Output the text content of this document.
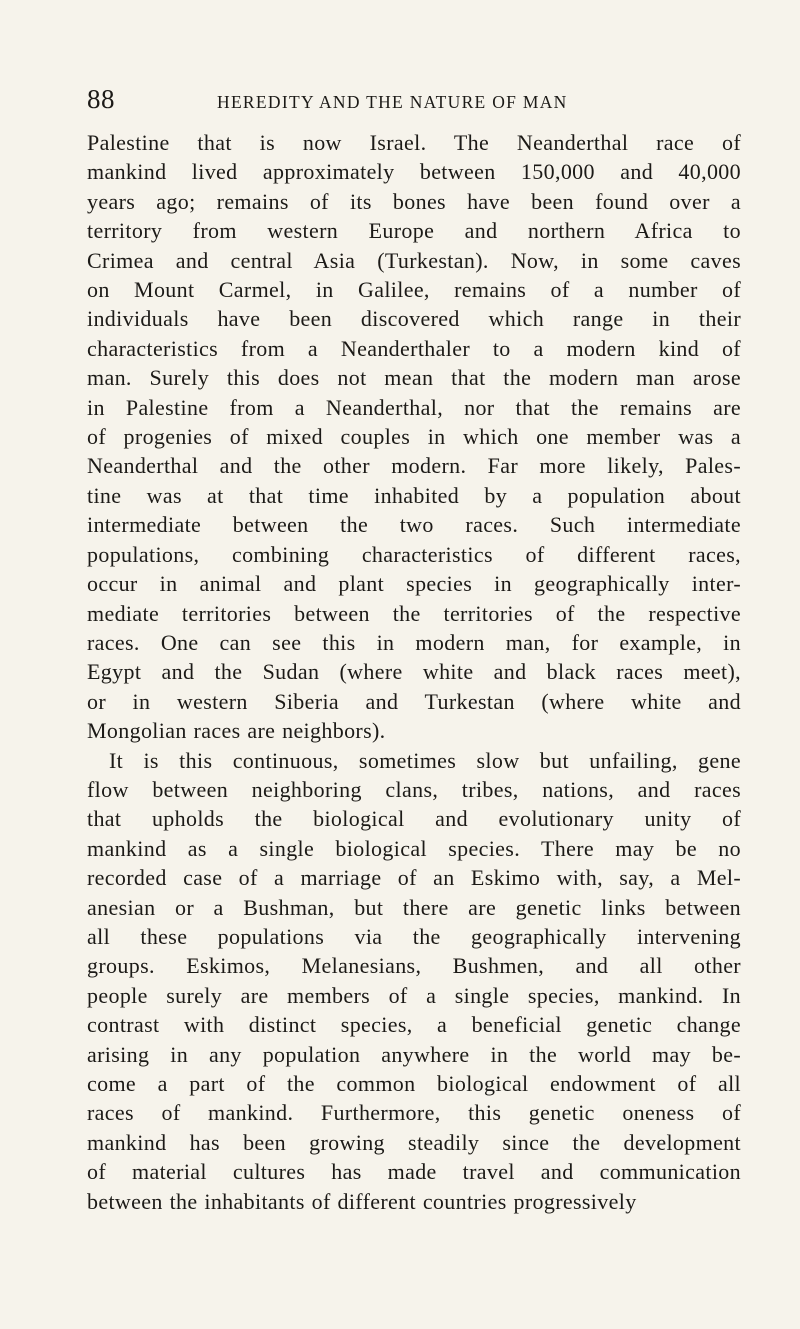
88	HEREDITY AND THE NATURE OF MAN
Palestine that is now Israel. The Neanderthal race of
mankind lived approximately between 150,000 and 40,000
years ago; remains of its bones have been found over a
territory from western Europe and northern Africa to
Crimea and central Asia (Turkestan). Now, in some caves
on Mount Carmel, in Galilee, remains of a number of
individuals have been discovered which range in their
characteristics from a Neanderthaler to a modern kind of
man. Surely this does not mean that the modern man arose
in Palestine from a Neanderthal, nor that the remains are
of progenies of mixed couples in which one member was a
Neanderthal and the other modern. Far more likely, Pales-
tine was at that time inhabited by a population about
intermediate between the two races. Such intermediate
populations, combining characteristics of different races,
occur in animal and plant species in geographically inter-
mediate territories between the territories of the respective
races. One can see this in modern man, for example, in
Egypt and the Sudan (where white and black races meet),
or in western Siberia and Turkestan (where white and
Mongolian races are neighbors).
It is this continuous, sometimes slow but unfailing, gene
flow between neighboring clans, tribes, nations, and races
that upholds the biological and evolutionary unity of
mankind as a single biological species. There may be no
recorded case of a marriage of an Eskimo with, say, a Mel-
anesian or a Bushman, but there are genetic links between
all these populations via the geographically intervening
groups. Eskimos, Melanesians, Bushmen, and all other
people surely are members of a single species, mankind. In
contrast with distinct species, a beneficial genetic change
arising in any population anywhere in the world may be-
come a part of the common biological endowment of all
races of mankind. Furthermore, this genetic oneness of
mankind has been growing steadily since the development
of material cultures has made travel and communication
between the inhabitants of different countries progressively
